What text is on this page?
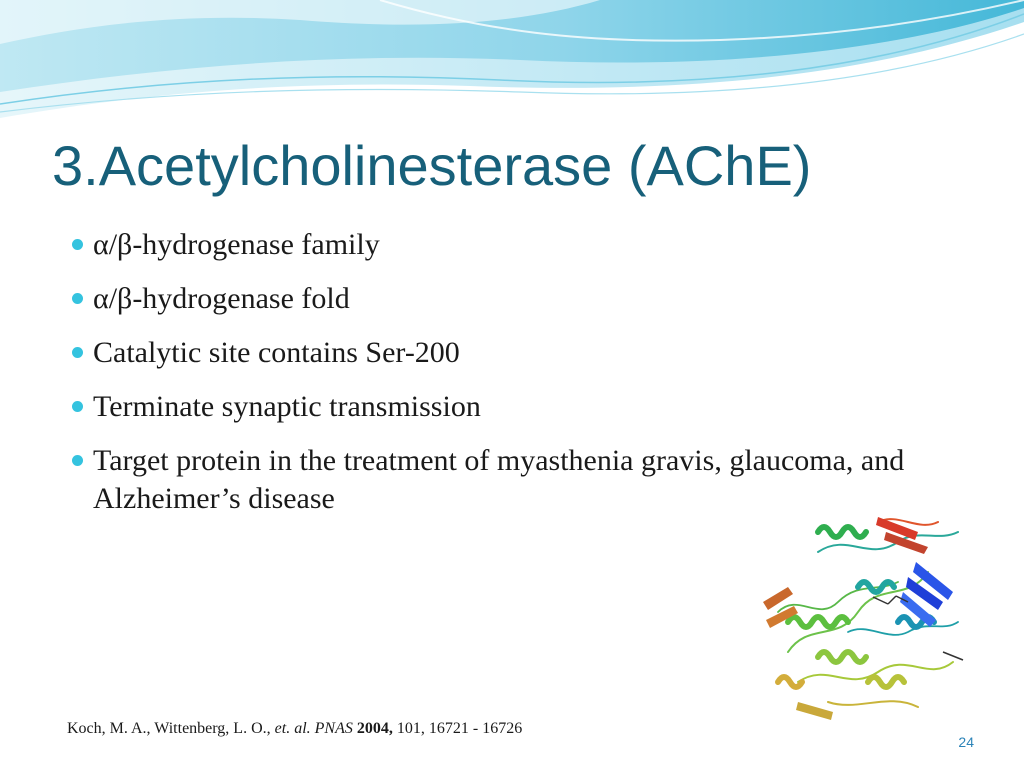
3.Acetylcholinesterase (AChE)
α/β-hydrogenase family
α/β-hydrogenase fold
Catalytic site contains Ser-200
Terminate synaptic transmission
Target protein in the treatment of myasthenia gravis, glaucoma, and Alzheimer’s disease
Koch, M. A., Wittenberg, L. O., et. al. PNAS 2004, 101, 16721 - 16726
24
